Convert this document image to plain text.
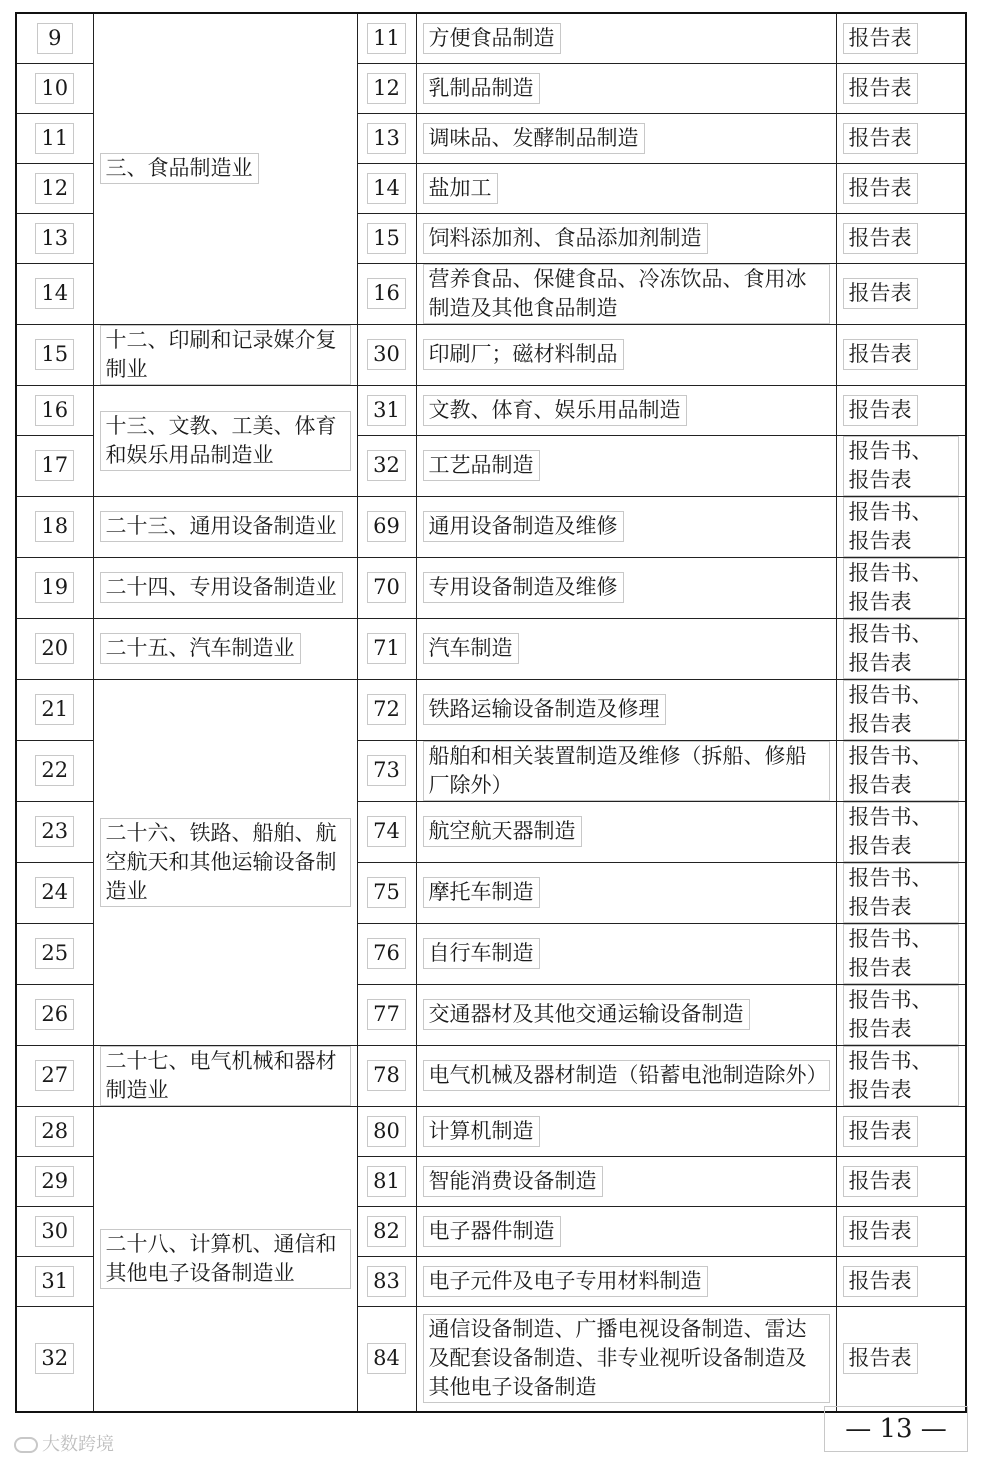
9	三、食品制造业	11	方便食品制造	报告表
10		12	乳制品制造	报告表
11		13	调味品、发酵制品制造	报告表
12		14	盐加工	报告表
13		15	饲料添加剂、食品添加剂制造	报告表
14		16	营养食品、保健食品、冷冻饮品、食用冰制造及其他食品制造	报告表
15	十二、印刷和记录媒介复制业	30	印刷厂；磁材料制品	报告表
16	十三、文教、工美、体育和娱乐用品制造业	31	文教、体育、娱乐用品制造	报告表
17		32	工艺品制造	报告书、报告表
18	二十三、通用设备制造业	69	通用设备制造及维修	报告书、报告表
19	二十四、专用设备制造业	70	专用设备制造及维修	报告书、报告表
20	二十五、汽车制造业	71	汽车制造	报告书、报告表
21	二十六、铁路、船舶、航空航天和其他运输设备制造业	72	铁路运输设备制造及修理	报告书、报告表
22		73	船舶和相关装置制造及维修（拆船、修船厂除外）	报告书、报告表
23		74	航空航天器制造	报告书、报告表
24		75	摩托车制造	报告书、报告表
25		76	自行车制造	报告书、报告表
26		77	交通器材及其他交通运输设备制造	报告书、报告表
27	二十七、电气机械和器材制造业	78	电气机械及器材制造（铅蓄电池制造除外）	报告书、报告表
28	二十八、计算机、通信和其他电子设备制造业	80	计算机制造	报告表
29		81	智能消费设备制造	报告表
30		82	电子器件制造	报告表
31		83	电子元件及电子专用材料制造	报告表
32		84	通信设备制造、广播电视设备制造、雷达及配套设备制造、非专业视听设备制造及其他电子设备制造	报告表
— 13 —
大数跨境
